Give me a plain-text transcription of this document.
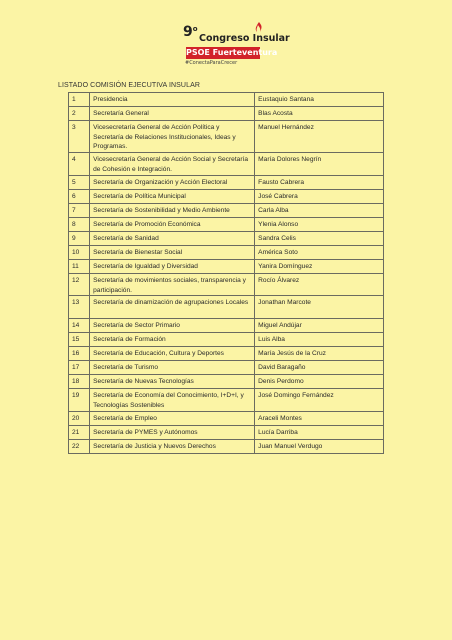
9$^o$
Congreso Insular
PSOE Fuerteventura
#ConectaParaCrecer
LISTADO COMISIÓN EJECUTIVA INSULAR
1	Presidencia	Eustaquio Santana
2	Secretaría General	Blas Acosta
3	Vicesecretaría General de Acción Política y Secretaría de Relaciones Institucionales, Ideas y Programas.	Manuel Hernández
4	Vicesecretaría General de Acción Social y Secretaría de Cohesión e Integración.	María Dolores Negrín
5	Secretaría de Organización y Acción Electoral	Fausto Cabrera
6	Secretaría de Política Municipal	José Cabrera
7	Secretaría de Sostenibilidad y Medio Ambiente	Carla Alba
8	Secretaría de Promoción Económica	Ylenia Alonso
9	Secretaría de Sanidad	Sandra Celis
10	Secretaría de Bienestar Social	América Soto
11	Secretaría de Igualdad y Diversidad	Yanira Domínguez
12	Secretaría de movimientos sociales, transparencia y participación.	Rocío Álvarez
13	Secretaría de dinamización de agrupaciones Locales	Jonathan Marcote
14	Secretaría de Sector Primario	Miguel Andújar
15	Secretaría de Formación	Luis Alba
16	Secretaría de Educación, Cultura y Deportes	María Jesús de la Cruz
17	Secretaría de Turismo	David Baragaño
18	Secretaría de Nuevas Tecnologías	Denis Perdomo
19	Secretaría de Economía del Conocimiento, I+D+I, y Tecnologías Sostenibles	José Domingo Fernández
20	Secretaría de Empleo	Araceli Montes
21	Secretaría de PYMES y Autónomos	Lucía Darriba
22	Secretaría de Justicia y Nuevos Derechos	Juan Manuel Verdugo
